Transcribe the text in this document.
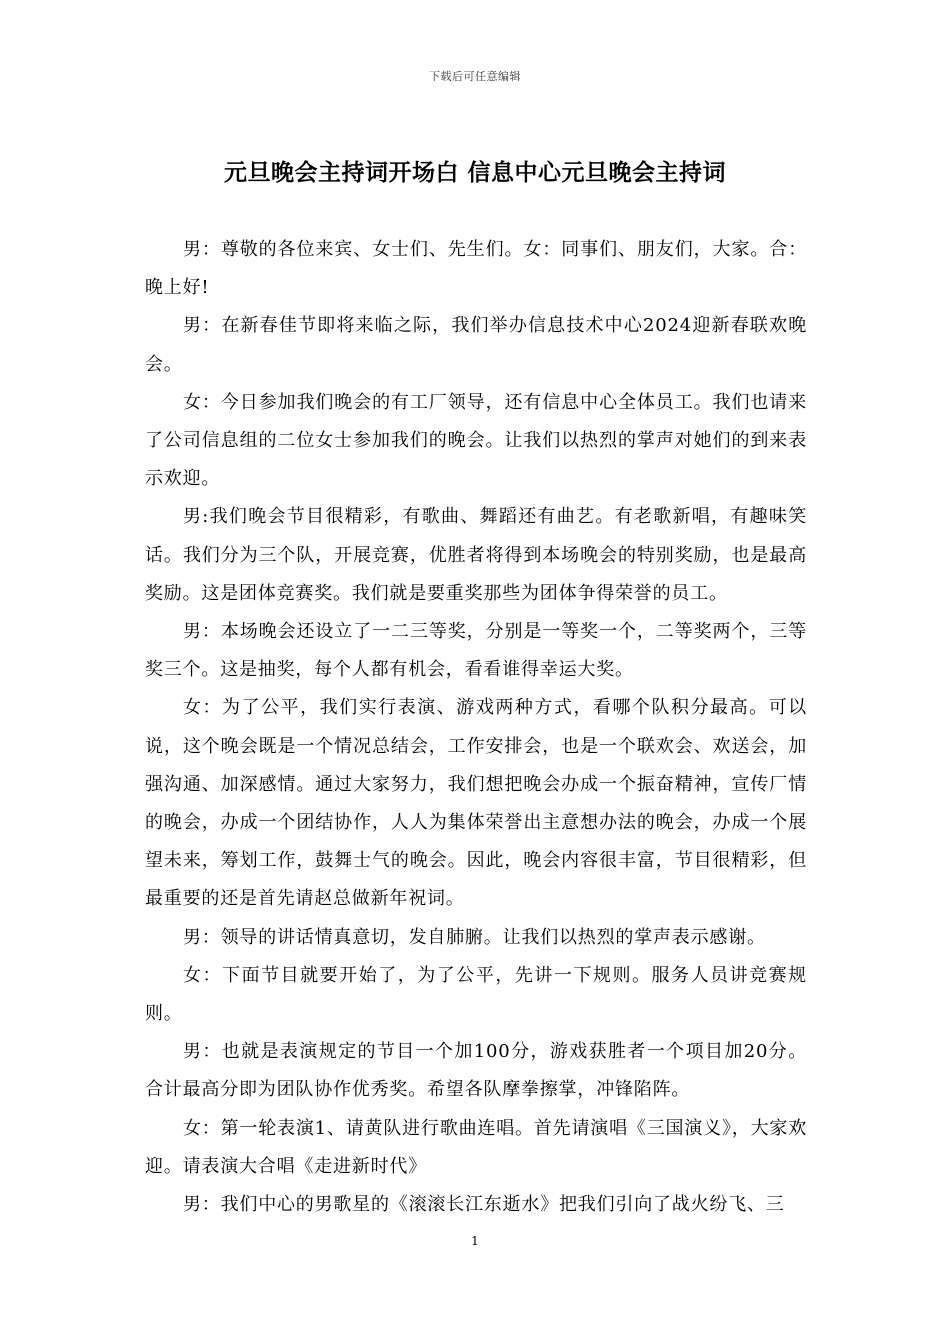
下载后可任意编辑
元旦晚会主持词开场白 信息中心元旦晚会主持词

男：尊敬的各位来宾、女士们、先生们。女：同事们、朋友们，大家。合：晚上好!

男：在新春佳节即将来临之际，我们举办信息技术中心2024迎新春联欢晚会。

女：今日参加我们晚会的有工厂领导，还有信息中心全体员工。我们也请来了公司信息组的二位女士参加我们的晚会。让我们以热烈的掌声对她们的到来表示欢迎。

男:我们晚会节目很精彩，有歌曲、舞蹈还有曲艺。有老歌新唱，有趣味笑话。我们分为三个队，开展竞赛，优胜者将得到本场晚会的特别奖励，也是最高奖励。这是团体竞赛奖。我们就是要重奖那些为团体争得荣誉的员工。

男：本场晚会还设立了一二三等奖，分别是一等奖一个，二等奖两个，三等奖三个。这是抽奖，每个人都有机会，看看谁得幸运大奖。

女：为了公平，我们实行表演、游戏两种方式，看哪个队积分最高。可以说，这个晚会既是一个情况总结会，工作安排会，也是一个联欢会、欢送会，加强沟通、加深感情。通过大家努力，我们想把晚会办成一个振奋精神，宣传厂情的晚会，办成一个团结协作，人人为集体荣誉出主意想办法的晚会，办成一个展望未来，筹划工作，鼓舞士气的晚会。因此，晚会内容很丰富，节目很精彩，但最重要的还是首先请赵总做新年祝词。

男：领导的讲话情真意切，发自肺腑。让我们以热烈的掌声表示感谢。

女：下面节目就要开始了，为了公平，先讲一下规则。服务人员讲竞赛规则。

男：也就是表演规定的节目一个加100分，游戏获胜者一个项目加20分。合计最高分即为团队协作优秀奖。希望各队摩拳擦掌，冲锋陷阵。

女：第一轮表演1、请黄队进行歌曲连唱。首先请演唱《三国演义》，大家欢迎。请表演大合唱《走进新时代》

男：我们中心的男歌星的《滚滚长江东逝水》把我们引向了战火纷飞、三

1
